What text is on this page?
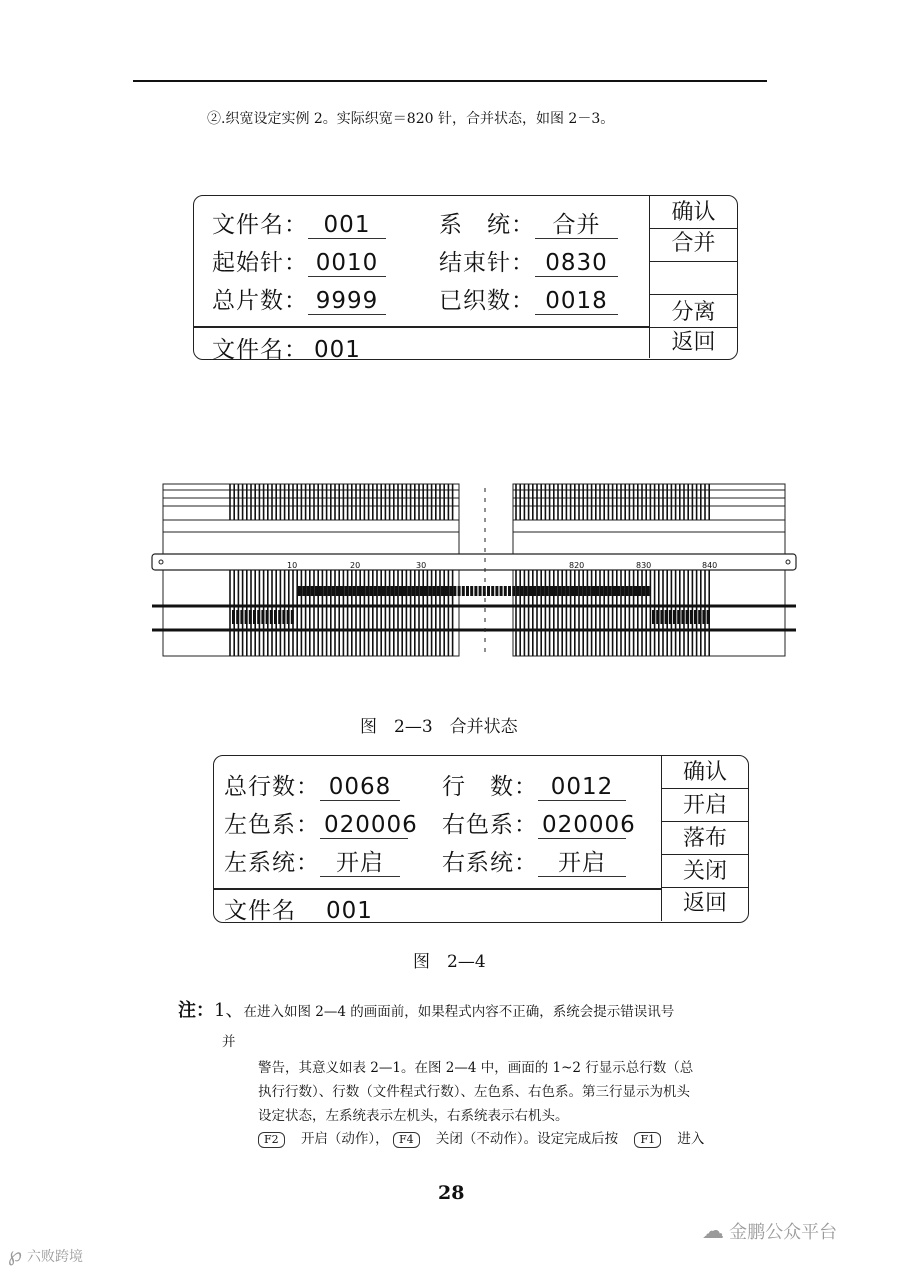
②.织宽设定实例 2。实际织宽＝820 针，合并状态，如图 2－3。
文件名： 001	系　统： 合并
起始针： 0010	结束针： 0830
总片数： 9999	已织数： 0018
文件名： 001
确认
合并
分离
返回
10	20	30	820	830	840
图　2—3　合并状态
总行数： 0068	行　数： 0012
左色系： 020006 右色系： 020006
左系统： 开启	右系统： 开启
文件名 001
确认
开启
落布
关闭
返回
图　2—4
注：1、在进入如图 2—4 的画面前，如果程式内容不正确，系统会提示错误讯号
并
警告，其意义如表 2—1。在图 2—4 中，画面的 1~2 行显示总行数（总
执行行数）、行数（文件程式行数）、左色系、右色系。第三行显示为机头
设定状态，左系统表示左机头，右系统表示右机头。
F2 开启（动作）， F4 关闭（不动作）。设定完成后按 F1 进入
28
℘ 六败跨境
☁ 金鹏公众平台
